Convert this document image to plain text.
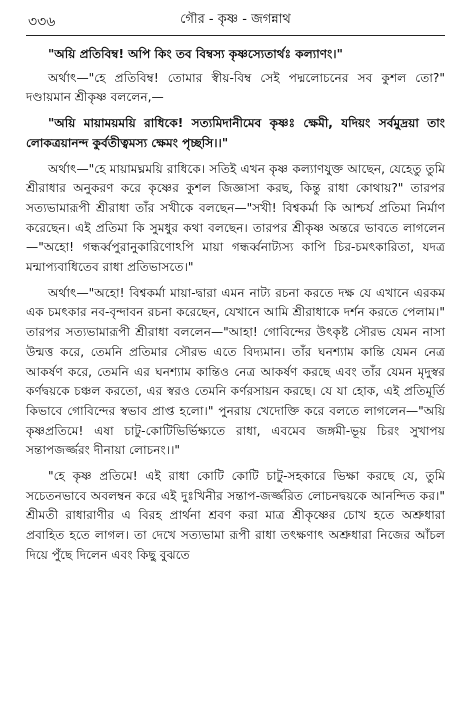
৩৩৬	গৌর - কৃষ্ণ - জগন্নাথ

"অয়ি প্রতিবিম্ব! অপি কিং তব বিম্বস্য কৃষ্ণস্যেতার্থঃ কল্যাণং।"

অর্থাৎ—"হে প্রতিবিম্ব! তোমার স্বীয়-বিম্ব সেই পদ্মলোচনের সব কুশল তো?" দণ্ডায়মান শ্রীকৃষ্ণ বললেন,—

"অয়ি মায়াময়ময়ি রাধিকে! সত্যমিদানীমেব কৃষ্ণঃ ক্ষেমী, যদিয়ং সর্বমুদ্রয়া তাং লোকত্রয়ানন্দ কুর্বতীত্বমস্য ক্ষেমং পৃচ্ছসি।।"

অর্থাৎ—"হে মায়ামঘ্নময়ি রাধিকে। সতিই এখন কৃষ্ণ কল্যাণযুক্ত আছেন, যেহেতু তুমি শ্রীরাধার অনুকরণ করে কৃষ্ণের কুশল জিজ্ঞাসা করছ, কিন্তু রাধা কোথায়?" তারপর সত্যভামারূপী শ্রীরাধা তাঁর সখীকে বলছেন—"সখী! বিশ্বকর্মা কি আশ্চর্য প্রতিমা নির্মাণ করেছেন। এই প্রতিমা কি সুমধুর কথা বলছেন। তারপর শ্রীকৃষ্ণ অন্তরে ভাবতে লাগলেন—"অহো! গন্ধর্ব্বপুরানুকারিণোঽপি মায়া গন্ধর্ব্বনাট্যস্য কাপি চির-চমৎকারিতা, যদত্র মন্মাপ্যবাধিতেব রাধা প্রতিভাসতে।"

অর্থাৎ—"অহো! বিশ্বকর্মা মায়া-দ্বারা এমন নাট্য রচনা করতে দক্ষ যে এখানে এরকম এক চমৎকার নব-বৃন্দাবন রচনা করেছেন, যেখানে আমি শ্রীরাধাকে দর্শন করতে পেলাম।" তারপর সত্যভামারূপী শ্রীরাধা বললেন—"আহা! গোবিন্দের উৎকৃষ্ট সৌরভ যেমন নাসা উন্মত্ত করে, তেমনি প্রতিমার সৌরভ এতে বিদ্যমান। তাঁর ঘনশ্যাম কান্তি যেমন নেত্র আকর্ষণ করে, তেমনি এর ঘনশ্যাম কান্তিও নেত্র আকর্ষণ করছে এবং তাঁর যেমন মৃদুস্বর কর্ণদ্বয়কে চঞ্চল করতো, এর স্বরও তেমনি কর্ণরসায়ন করছে। যে যা হোক, এই প্রতিমূর্তি কিভাবে গোবিন্দের স্বভাব প্রাপ্ত হলো।" পুনরায় খেদোক্তি করে বলতে লাগলেন—"অয়ি কৃষ্ণপ্রতিমে! এষা চাটু-কোটিভির্ভিক্ষ্যতে রাধা, এবমেব জঙ্গমী-ভূয় চিরং সুখাপয় সন্তাপজর্জ্জরং দীনায়া লোচনং।।"

"হে কৃষ্ণ প্রতিমে! এই রাধা কোটি কোটি চাটু-সহকারে ভিক্ষা করছে যে, তুমি সচেতনভাবে অবলম্বন করে এই দুঃখিনীর সন্তাপ-জর্জ্জরিত লোচনদ্বয়কে আনন্দিত কর।" শ্রীমতী রাধারাণীর এ বিরহ প্রার্থনা শ্রবণ করা মাত্র শ্রীকৃষ্ণের চোখ হতে অশ্রুধারা প্রবাহিত হতে লাগল। তা দেখে সত্যভামা রূপী রাধা তৎক্ষণাৎ অশ্রুধারা নিজের আঁচল দিয়ে পুঁছে দিলেন এবং কিছু বুঝতে
